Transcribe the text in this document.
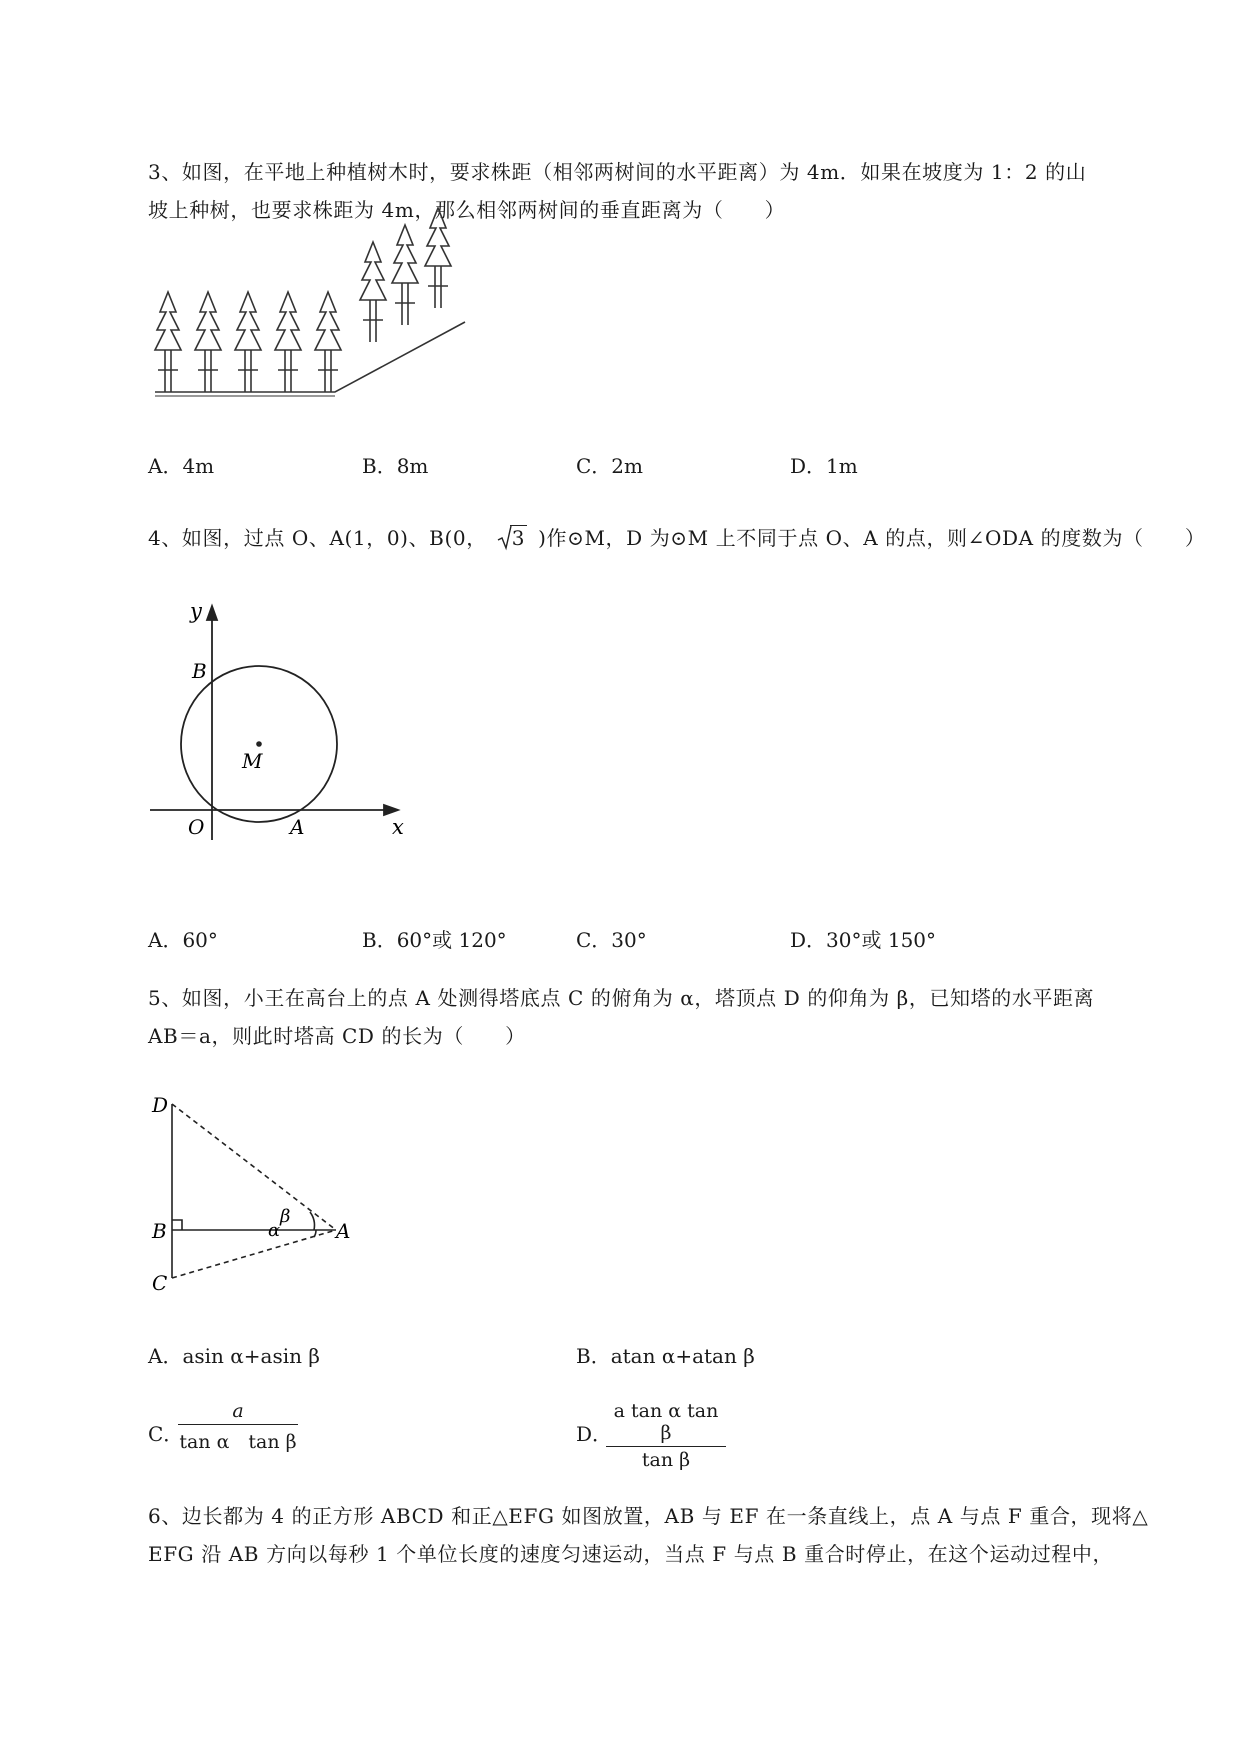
3、如图，在平地上种植树木时，要求株距（相邻两树间的水平距离）为 4m．如果在坡度为 1：2 的山
坡上种树，也要求株距为 4m，那么相邻两树间的垂直距离为（　　）
A．4m	B．8m	C．2m	D．1m
4、如图，过点 O、A(1，0)、B(0， 3 )作⊙M，D 为⊙M 上不同于点 O、A 的点，则∠ODA 的度数为（　　）
y
B
M
O	A	x
A．60°	B．60°或 120°	C．30°	D．30°或 150°
5、如图，小王在高台上的点 A 处测得塔底点 C 的俯角为 α，塔顶点 D 的仰角为 β，已知塔的水平距离
AB＝a，则此时塔高 CD 的长为（　　）
D
B
C
A
α
β
A．asin α+asin β	B．atan α+atan β
C．
$\frac{a}{\text{tan α　tan β}}$	D．
$\frac{\text{a tan α tan β}}{\text{tan β}}$
6、边长都为 4 的正方形 ABCD 和正△EFG 如图放置，AB 与 EF 在一条直线上，点 A 与点 F 重合，现将△
EFG 沿 AB 方向以每秒 1 个单位长度的速度匀速运动，当点 F 与点 B 重合时停止，在这个运动过程中，
